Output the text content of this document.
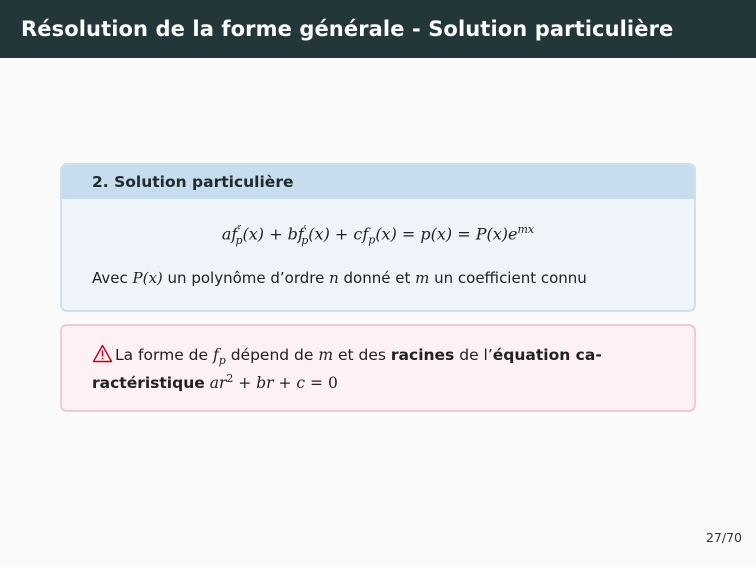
Résolution de la forme générale - Solution particulière
2. Solution particulière
$af''_p(x) + bf'_p(x) + cf_p(x) = p(x) = P(x)e^{mx}$
Avec P(x) un polynôme d’ordre n donné et m un coefficient connu
La forme de $f_p$ dépend de m et des racines de l’équation ca-
ractéristique $ar^2$ + br + c = 0
27/70
